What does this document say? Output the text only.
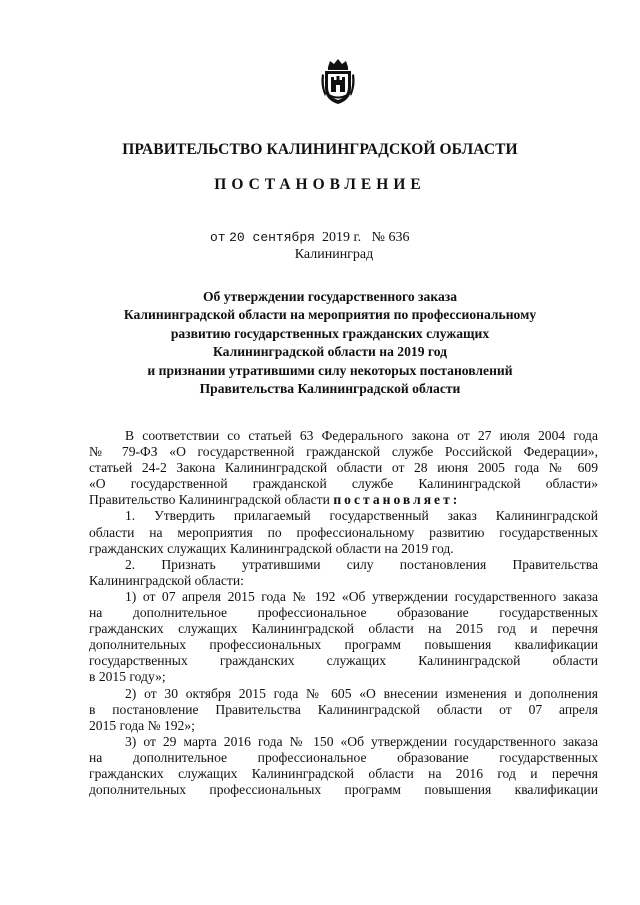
ПРАВИТЕЛЬСТВО КАЛИНИНГРАДСКОЙ ОБЛАСТИ
ПОСТАНОВЛЕНИЕ
от 20 сентября 2019 г. № 636
Калининград
Об утверждении государственного заказа
Калининградской области на мероприятия по профессиональному
развитию государственных гражданских служащих
Калининградской области на 2019 год
и признании утратившими силу некоторых постановлений
Правительства Калининградской области
В соответствии со статьей 63 Федерального закона от 27 июля 2004 года
№ 79-ФЗ «О государственной гражданской службе Российской Федерации»,
статьей 24-2 Закона Калининградской области от 28 июня 2005 года № 609
«О государственной гражданской службе Калининградской области»
Правительство Калининградской области постановляет:
1. Утвердить прилагаемый государственный заказ Калининградской
области на мероприятия по профессиональному развитию государственных
гражданских служащих Калининградской области на 2019 год.
2. Признать утратившими силу постановления Правительства
Калининградской области:
1) от 07 апреля 2015 года № 192 «Об утверждении государственного заказа
на дополнительное профессиональное образование государственных
гражданских служащих Калининградской области на 2015 год и перечня
дополнительных профессиональных программ повышения квалификации
государственных гражданских служащих Калининградской области
в 2015 году»;
2) от 30 октября 2015 года № 605 «О внесении изменения и дополнения
в постановление Правительства Калининградской области от 07 апреля
2015 года № 192»;
3) от 29 марта 2016 года № 150 «Об утверждении государственного заказа
на дополнительное профессиональное образование государственных
гражданских служащих Калининградской области на 2016 год и перечня
дополнительных профессиональных программ повышения квалификации
